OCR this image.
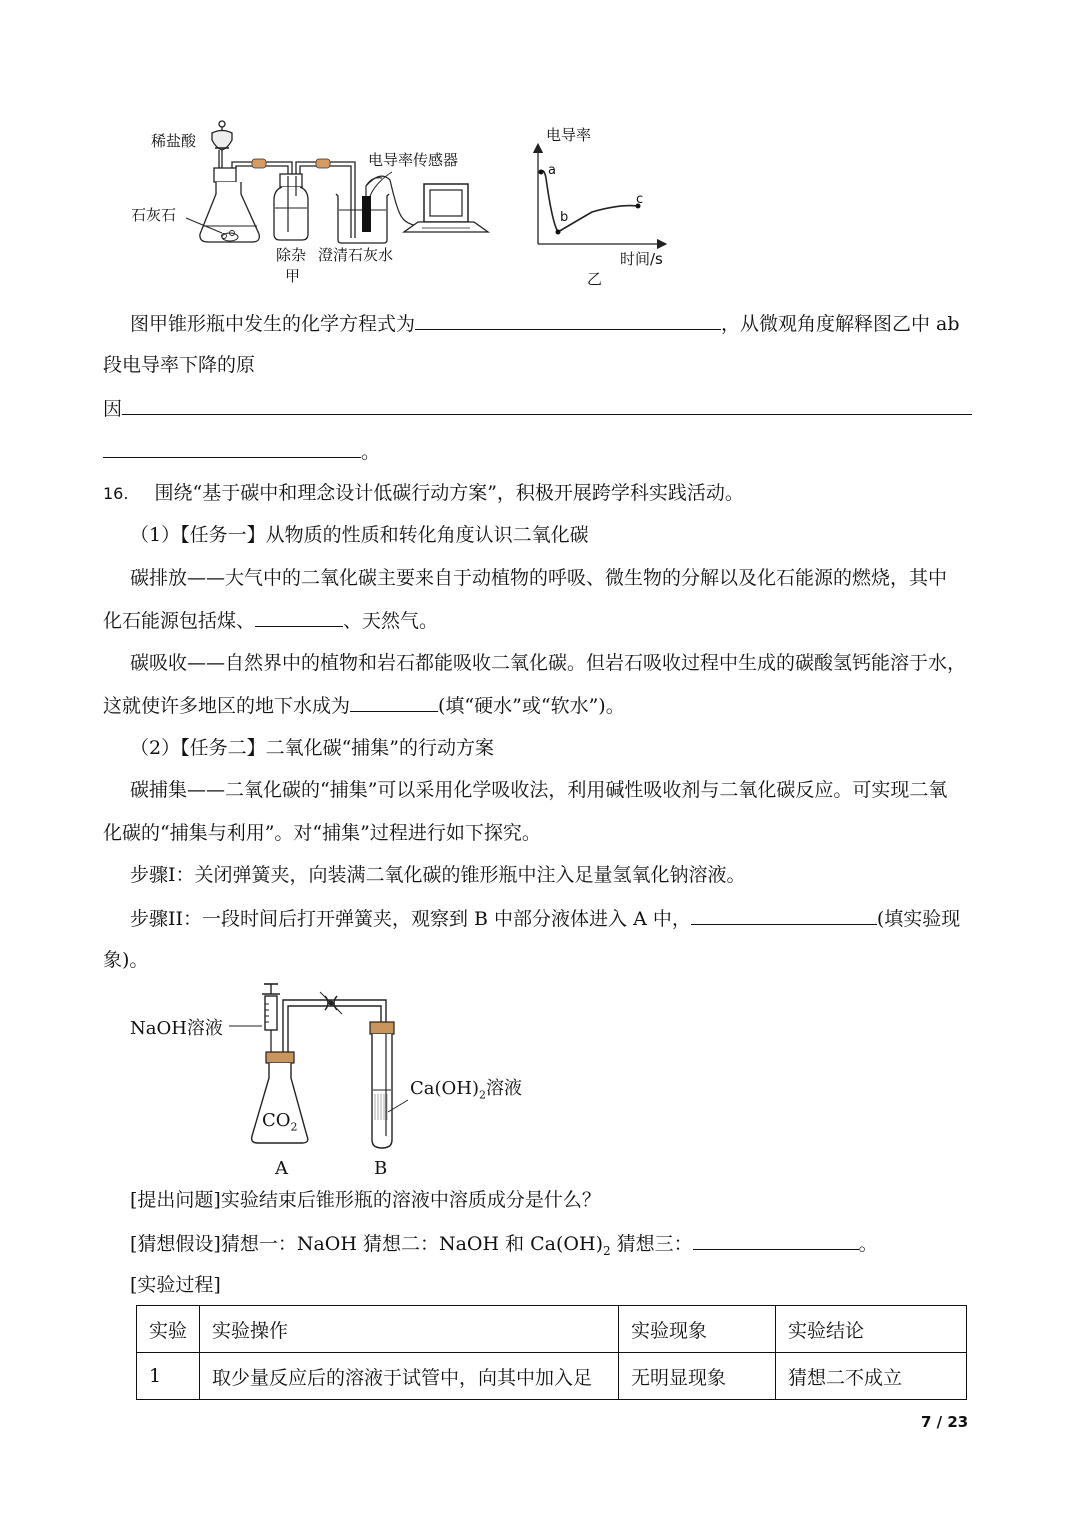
稀盐酸
石灰石
除杂
甲
澄清石灰水
电导率传感器
电导率
时间/s
a
b
c
乙
图甲锥形瓶中发生的化学方程式为	，从微观角度解释图乙中 ab
段电导率下降的原
因
。
16. 围绕“基于碳中和理念设计低碳行动方案”，积极开展跨学科实践活动。
（1）【任务一】从物质的性质和转化角度认识二氧化碳
碳排放——大气中的二氧化碳主要来自于动植物的呼吸、微生物的分解以及化石能源的燃烧，其中
化石能源包括煤、	、天然气。
碳吸收——自然界中的植物和岩石都能吸收二氧化碳。但岩石吸收过程中生成的碳酸氢钙能溶于水，
这就使许多地区的地下水成为	(填“硬水”或“软水”)。
（2）【任务二】二氧化碳“捕集”的行动方案
碳捕集——二氧化碳的“捕集”可以采用化学吸收法，利用碱性吸收剂与二氧化碳反应。可实现二氧
化碳的“捕集与利用”。对“捕集”过程进行如下探究。
步骤I：关闭弹簧夹，向装满二氧化碳的锥形瓶中注入足量氢氧化钠溶液。
步骤II：一段时间后打开弹簧夹，观察到 B 中部分液体进入 A 中，	(填实验现
象)。
NaOH溶液
$Ca(OH)_2$溶液
$CO_2$
A	B
[提出问题]实验结束后锥形瓶的溶液中溶质成分是什么？
[猜想假设]猜想一：NaOH 猜想二：NaOH 和 $Ca(OH)_2$ 猜想三：	。
[实验过程]
实验	实验操作	实验现象	实验结论
1	取少量反应后的溶液于试管中，向其中加入足	无明显现象	猜想二不成立
7 / 23
